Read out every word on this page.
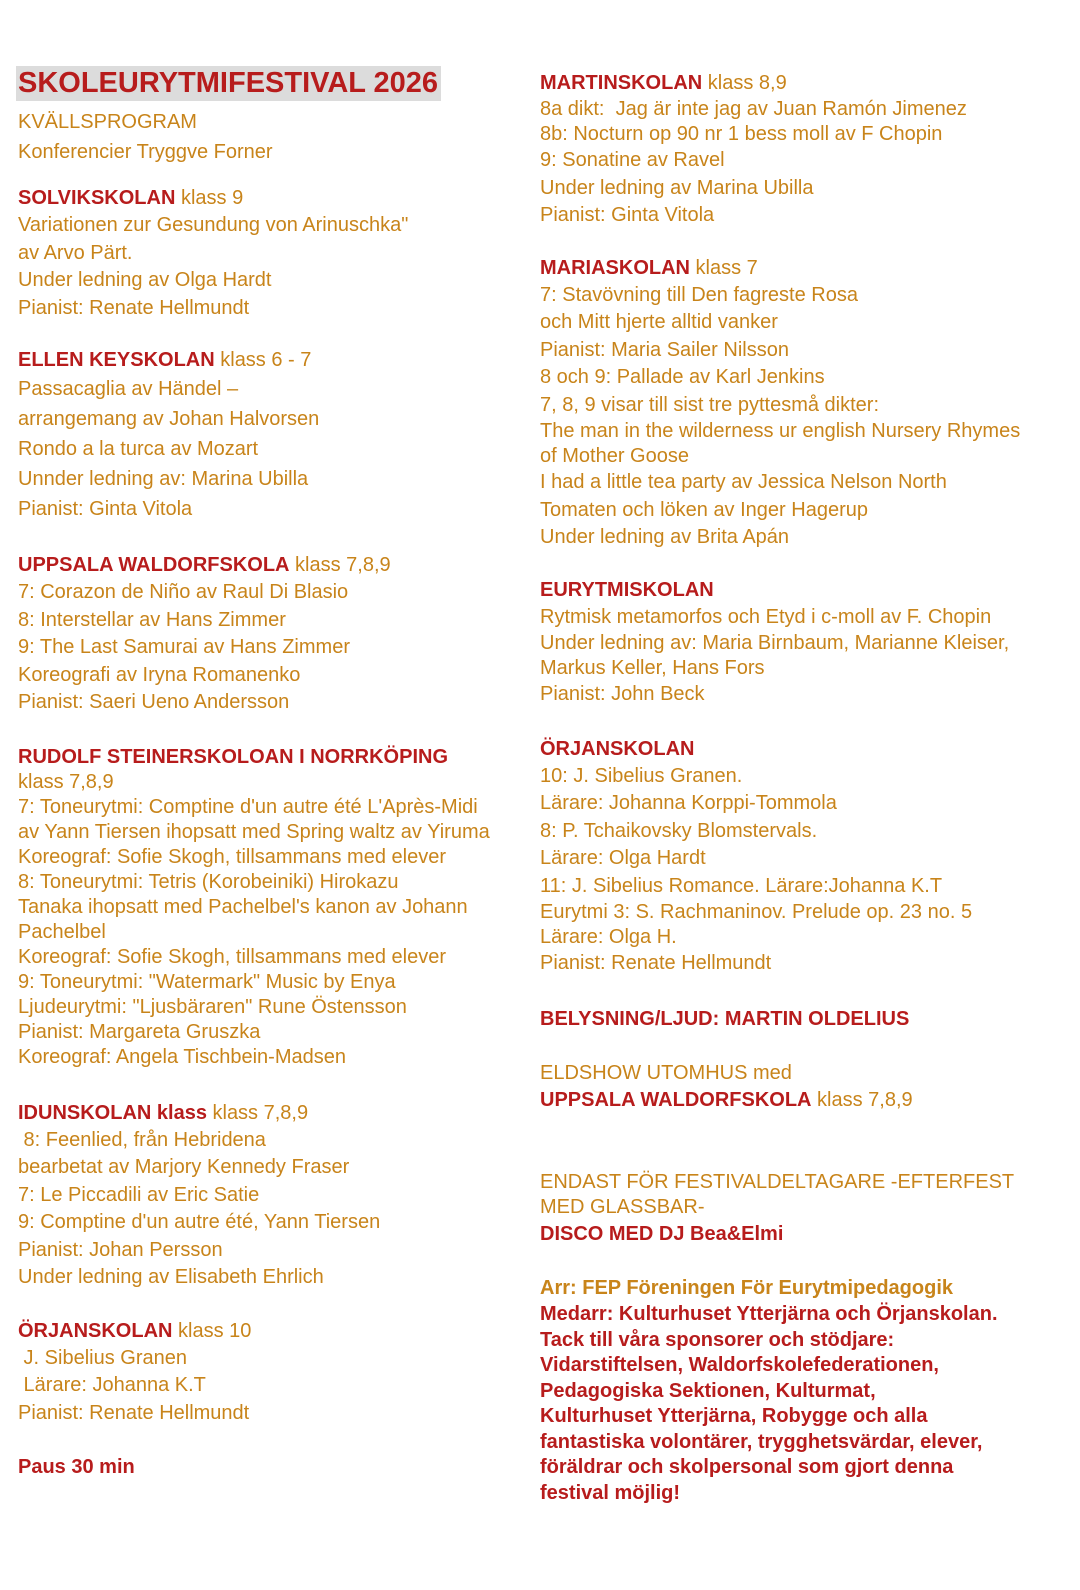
SKOLEURYTMIFESTIVAL 2026
KVÄLLSPROGRAM
Konferencier Tryggve Forner
SOLVIKSKOLAN klass 9
Variationen zur Gesundung von Arinuschka"
av Arvo Pärt.
Under ledning av Olga Hardt
Pianist: Renate Hellmundt
ELLEN KEYSKOLAN klass 6 - 7
Passacaglia av Händel –
arrangemang av Johan Halvorsen
Rondo a la turca av Mozart
Unnder ledning av: Marina Ubilla
Pianist: Ginta Vitola
UPPSALA WALDORFSKOLA klass 7,8,9
7: Corazon de Niño av Raul Di Blasio
8: Interstellar av Hans Zimmer
9: The Last Samurai av Hans Zimmer
Koreografi av Iryna Romanenko
Pianist: Saeri Ueno Andersson
RUDOLF STEINERSKOLOAN I NORRKÖPING
klass 7,8,9
7: Toneurytmi: Comptine d'un autre été L'Après-Midi
av Yann Tiersen ihopsatt med Spring waltz av Yiruma
Koreograf: Sofie Skogh, tillsammans med elever
8: Toneurytmi: Tetris (Korobeiniki) Hirokazu
Tanaka ihopsatt med Pachelbel's kanon av Johann
Pachelbel
Koreograf: Sofie Skogh, tillsammans med elever
9: Toneurytmi: "Watermark" Music by Enya
Ljudeurytmi: "Ljusbäraren" Rune Östensson
Pianist: Margareta Gruszka
Koreograf: Angela Tischbein-Madsen
IDUNSKOLAN klass klass 7,8,9
8: Feenlied, från Hebridena
bearbetat av Marjory Kennedy Fraser
7: Le Piccadili av Eric Satie
9: Comptine d'un autre été, Yann Tiersen
Pianist: Johan Persson
Under ledning av Elisabeth Ehrlich
ÖRJANSKOLAN klass 10
J. Sibelius Granen
Lärare: Johanna K.T
Pianist: Renate Hellmundt
Paus 30 min
MARTINSKOLAN klass 8,9
8a dikt:  Jag är inte jag av Juan Ramón Jimenez
8b: Nocturn op 90 nr 1 bess moll av F Chopin
9: Sonatine av Ravel
Under ledning av Marina Ubilla
Pianist: Ginta Vitola
MARIASKOLAN klass 7
7: Stavövning till Den fagreste Rosa
och Mitt hjerte alltid vanker
Pianist: Maria Sailer Nilsson
8 och 9: Pallade av Karl Jenkins
7, 8, 9 visar till sist tre pyttesmå dikter:
The man in the wilderness ur english Nursery Rhymes
of Mother Goose
I had a little tea party av Jessica Nelson North
Tomaten och löken av Inger Hagerup
Under ledning av Brita Apán
EURYTMISKOLAN
Rytmisk metamorfos och Etyd i c-moll av F. Chopin
Under ledning av: Maria Birnbaum, Marianne Kleiser,
Markus Keller, Hans Fors
Pianist: John Beck
ÖRJANSKOLAN
10: J. Sibelius Granen.
Lärare: Johanna Korppi-Tommola
8: P. Tchaikovsky Blomstervals.
Lärare: Olga Hardt
11: J. Sibelius Romance. Lärare:Johanna K.T
Eurytmi 3: S. Rachmaninov. Prelude op. 23 no. 5
Lärare: Olga H.
Pianist: Renate Hellmundt
BELYSNING/LJUD: MARTIN OLDELIUS
ELDSHOW UTOMHUS med
UPPSALA WALDORFSKOLA klass 7,8,9
ENDAST FÖR FESTIVALDELTAGARE -EFTERFEST
MED GLASSBAR-
DISCO MED DJ Bea&Elmi
Arr: FEP Föreningen För Eurytmipedagogik
Medarr: Kulturhuset Ytterjärna och Örjanskolan.
Tack till våra sponsorer och stödjare:
Vidarstiftelsen, Waldorfskolefederationen,
Pedagogiska Sektionen, Kulturmat,
Kulturhuset Ytterjärna, Robygge och alla
fantastiska volontärer, trygghetsvärdar, elever,
föräldrar och skolpersonal som gjort denna
festival möjlig!
